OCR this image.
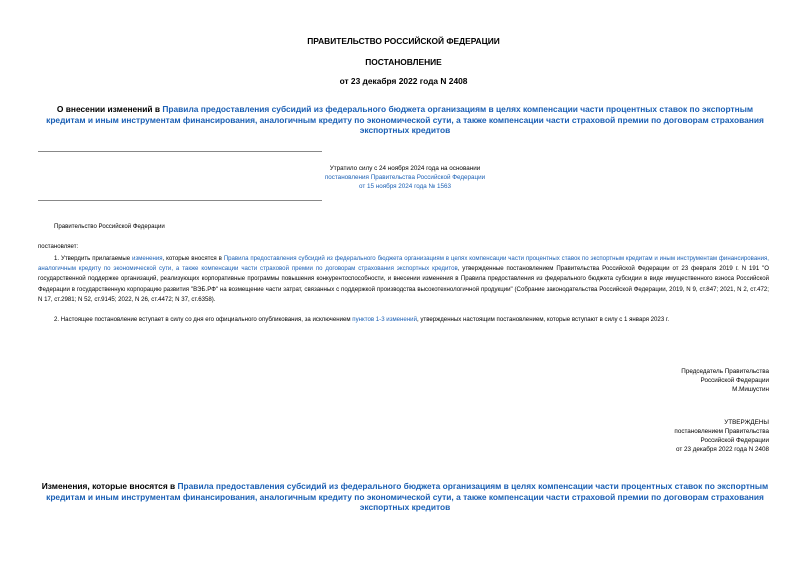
ПРАВИТЕЛЬСТВО РОССИЙСКОЙ ФЕДЕРАЦИИ
ПОСТАНОВЛЕНИЕ
от 23 декабря 2022 года N 2408
О внесении изменений в Правила предоставления субсидий из федерального бюджета организациям в целях компенсации части процентных ставок по экспортным кредитам и иным инструментам финансирования, аналогичным кредиту по экономической сути, а также компенсации части страховой премии по договорам страхования экспортных кредитов
Утратило силу с 24 ноября 2024 года на основании
постановления Правительства Российской Федерации
от 15 ноября 2024 года № 1563
Правительство Российской Федерации
постановляет:
1. Утвердить прилагаемые изменения, которые вносятся в Правила предоставления субсидий из федерального бюджета организациям в целях компенсации части процентных ставок по экспортным кредитам и иным инструментам финансирования, аналогичным кредиту по экономической сути, а также компенсации части страховой премии по договорам страхования экспортных кредитов, утвержденные постановлением Правительства Российской Федерации от 23 февраля 2019 г. N 191 "О государственной поддержке организаций, реализующих корпоративные программы повышения конкурентоспособности, и внесении изменения в Правила предоставления из федерального бюджета субсидии в виде имущественного взноса Российской Федерации в государственную корпорацию развития "ВЭБ.РФ" на возмещение части затрат, связанных с поддержкой производства высокотехнологичной продукции" (Собрание законодательства Российской Федерации, 2019, N 9, ст.847; 2021, N 2, ст.472; N 17, ст.2981; N 52, ст.9145; 2022, N 26, ст.4472; N 37, ст.6358).
2. Настоящее постановление вступает в силу со дня его официального опубликования, за исключением пунктов 1-3 изменений, утвержденных настоящим постановлением, которые вступают в силу с 1 января 2023 г.
Председатель Правительства
Российской Федерации
М.Мишустин
УТВЕРЖДЕНЫ
постановлением Правительства
Российской Федерации
от 23 декабря 2022 года N 2408
Изменения, которые вносятся в Правила предоставления субсидий из федерального бюджета организациям в целях компенсации части процентных ставок по экспортным кредитам и иным инструментам финансирования, аналогичным кредиту по экономической сути, а также компенсации части страховой премии по договорам страхования экспортных кредитов
